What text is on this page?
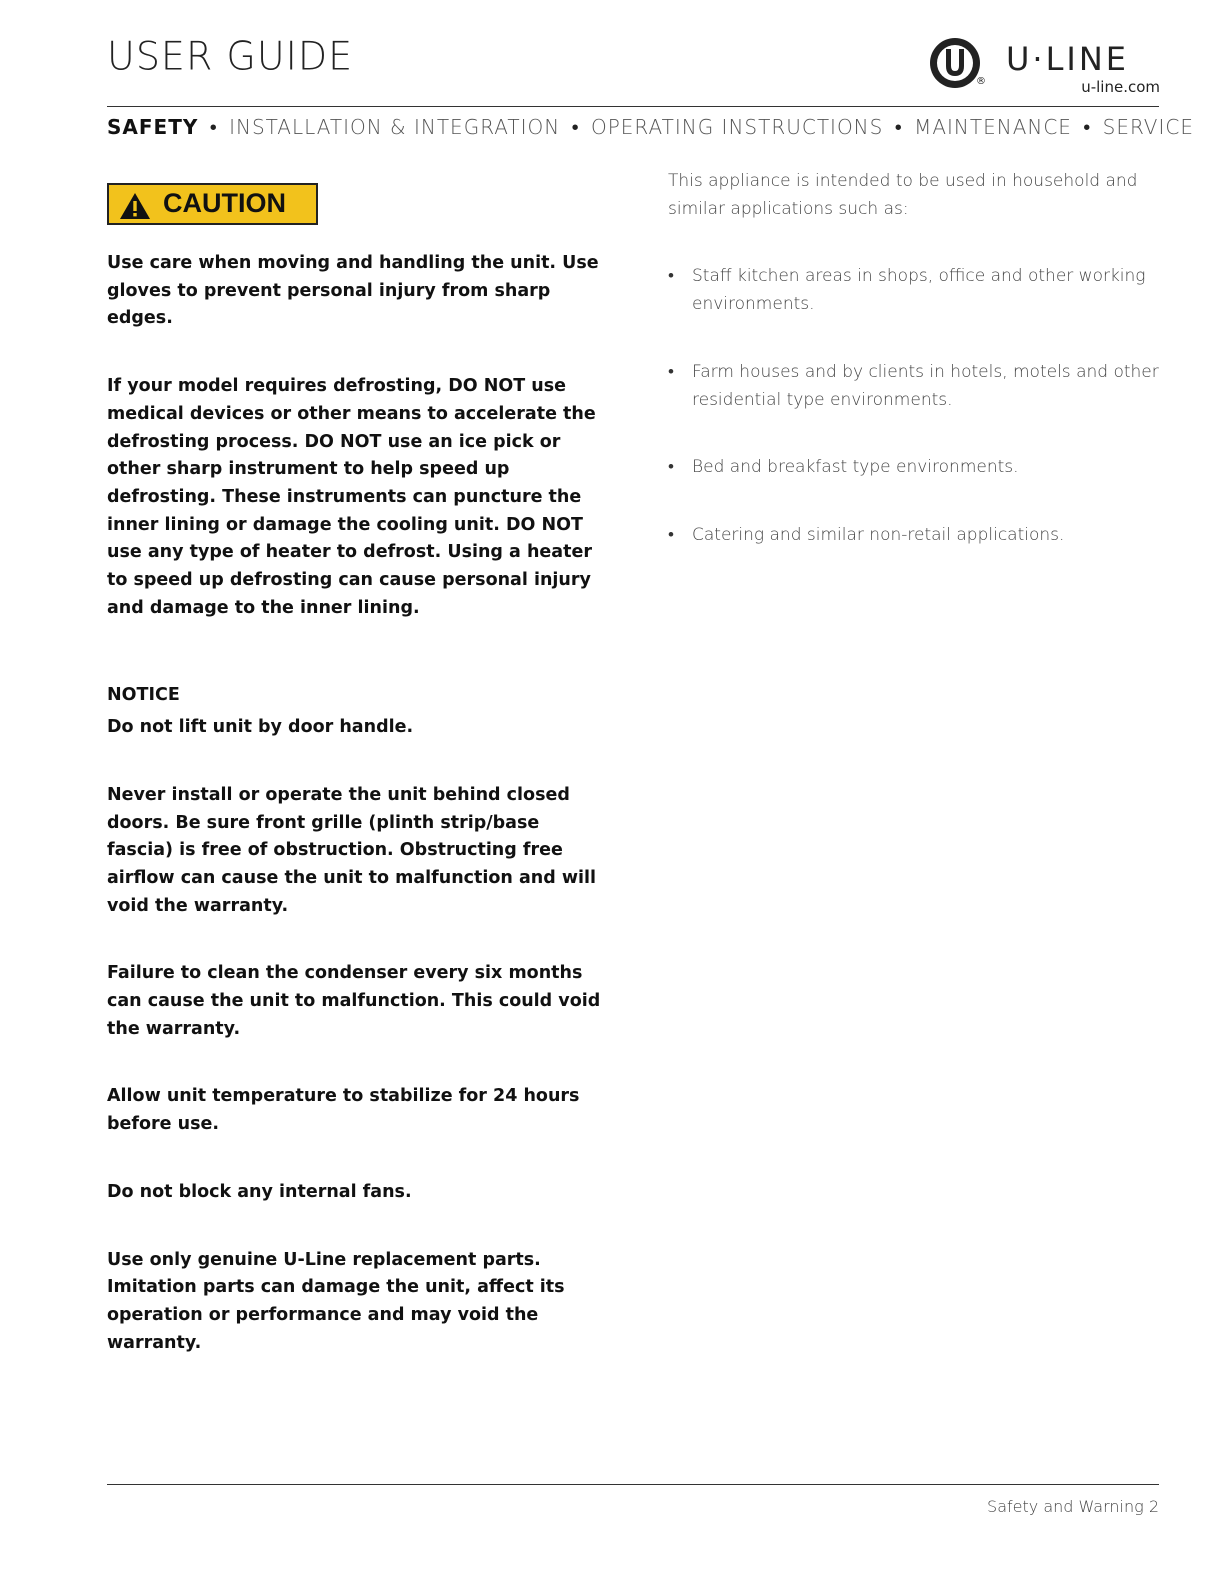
USER GUIDE
®
U·LINE
u-line.com
SAFETY • INSTALLATION & INTEGRATION • OPERATING INSTRUCTIONS • MAINTENANCE • SERVICE
CAUTION

Use care when moving and handling the unit. Use gloves to prevent personal injury from sharp edges.

If your model requires defrosting, DO NOT use medical devices or other means to accelerate the defrosting process. DO NOT use an ice pick or other sharp instrument to help speed up defrosting. These instruments can puncture the inner lining or damage the cooling unit. DO NOT use any type of heater to defrost. Using a heater to speed up defrosting can cause personal injury and damage to the inner lining.

NOTICE

Do not lift unit by door handle.

Never install or operate the unit behind closed doors. Be sure front grille (plinth strip/base fascia) is free of obstruction. Obstructing free airflow can cause the unit to malfunction and will void the warranty.

Failure to clean the condenser every six months can cause the unit to malfunction. This could void the warranty.

Allow unit temperature to stabilize for 24 hours before use.

Do not block any internal fans.

Use only genuine U-Line replacement parts. Imitation parts can damage the unit, affect its operation or performance and may void the warranty.

This appliance is intended to be used in household and similar applications such as:

• Staff kitchen areas in shops, office and other working environments.
• Farm houses and by clients in hotels, motels and other residential type environments.
• Bed and breakfast type environments.
• Catering and similar non-retail applications.
Safety and Warning 2
